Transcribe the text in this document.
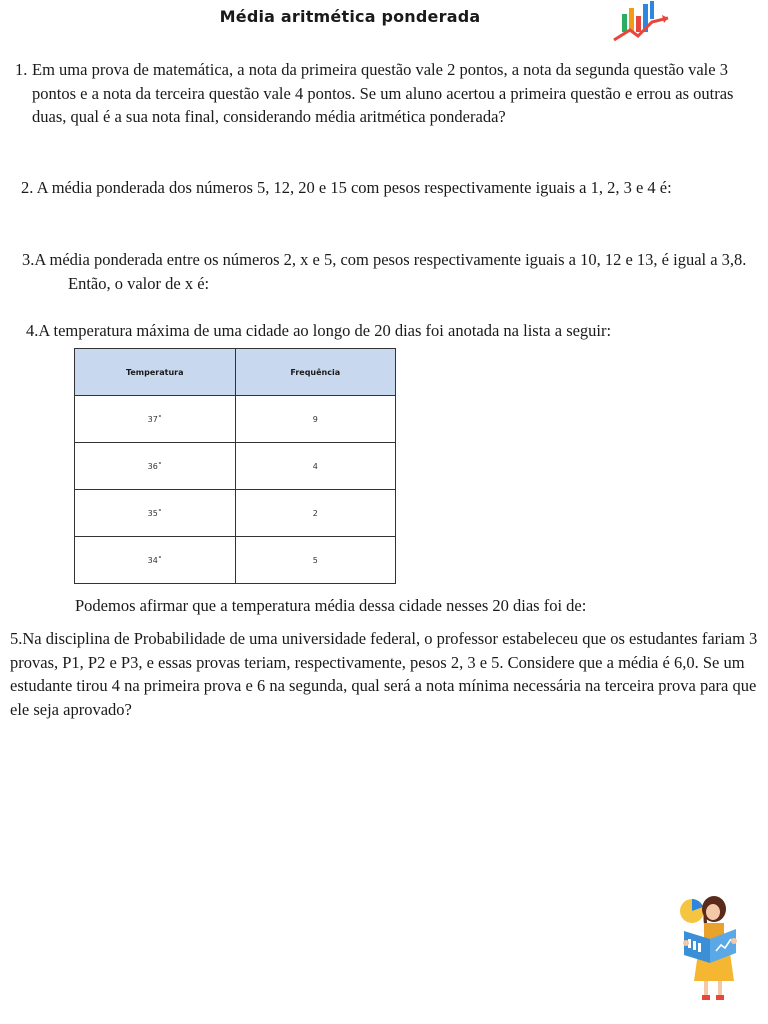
Média aritmética ponderada
1. Em uma prova de matemática, a nota da primeira questão vale 2 pontos, a nota da segunda questão vale 3 pontos e a nota da terceira questão vale 4 pontos. Se um aluno acertou a primeira questão e errou as outras duas, qual é a sua nota final, considerando média aritmética ponderada?
2. A média ponderada dos números 5, 12, 20 e 15 com pesos respectivamente iguais a 1, 2, 3 e 4 é:
3.A média ponderada entre os números 2, x e 5, com pesos respectivamente iguais a 10, 12 e 13, é igual a 3,8. Então, o valor de x é:
4.A temperatura máxima de uma cidade ao longo de 20 dias foi anotada na lista a seguir:
Temperatura	Frequência
37˚	9
36˚	4
35˚	2
34˚	5
Podemos afirmar que a temperatura média dessa cidade nesses 20 dias foi de:
5.Na disciplina de Probabilidade de uma universidade federal, o professor estabeleceu que os estudantes fariam 3 provas, P1, P2 e P3, e essas provas teriam, respectivamente, pesos 2, 3 e 5. Considere que a média é 6,0. Se um estudante tirou 4 na primeira prova e 6 na segunda, qual será a nota mínima necessária na terceira prova para que ele seja aprovado?
